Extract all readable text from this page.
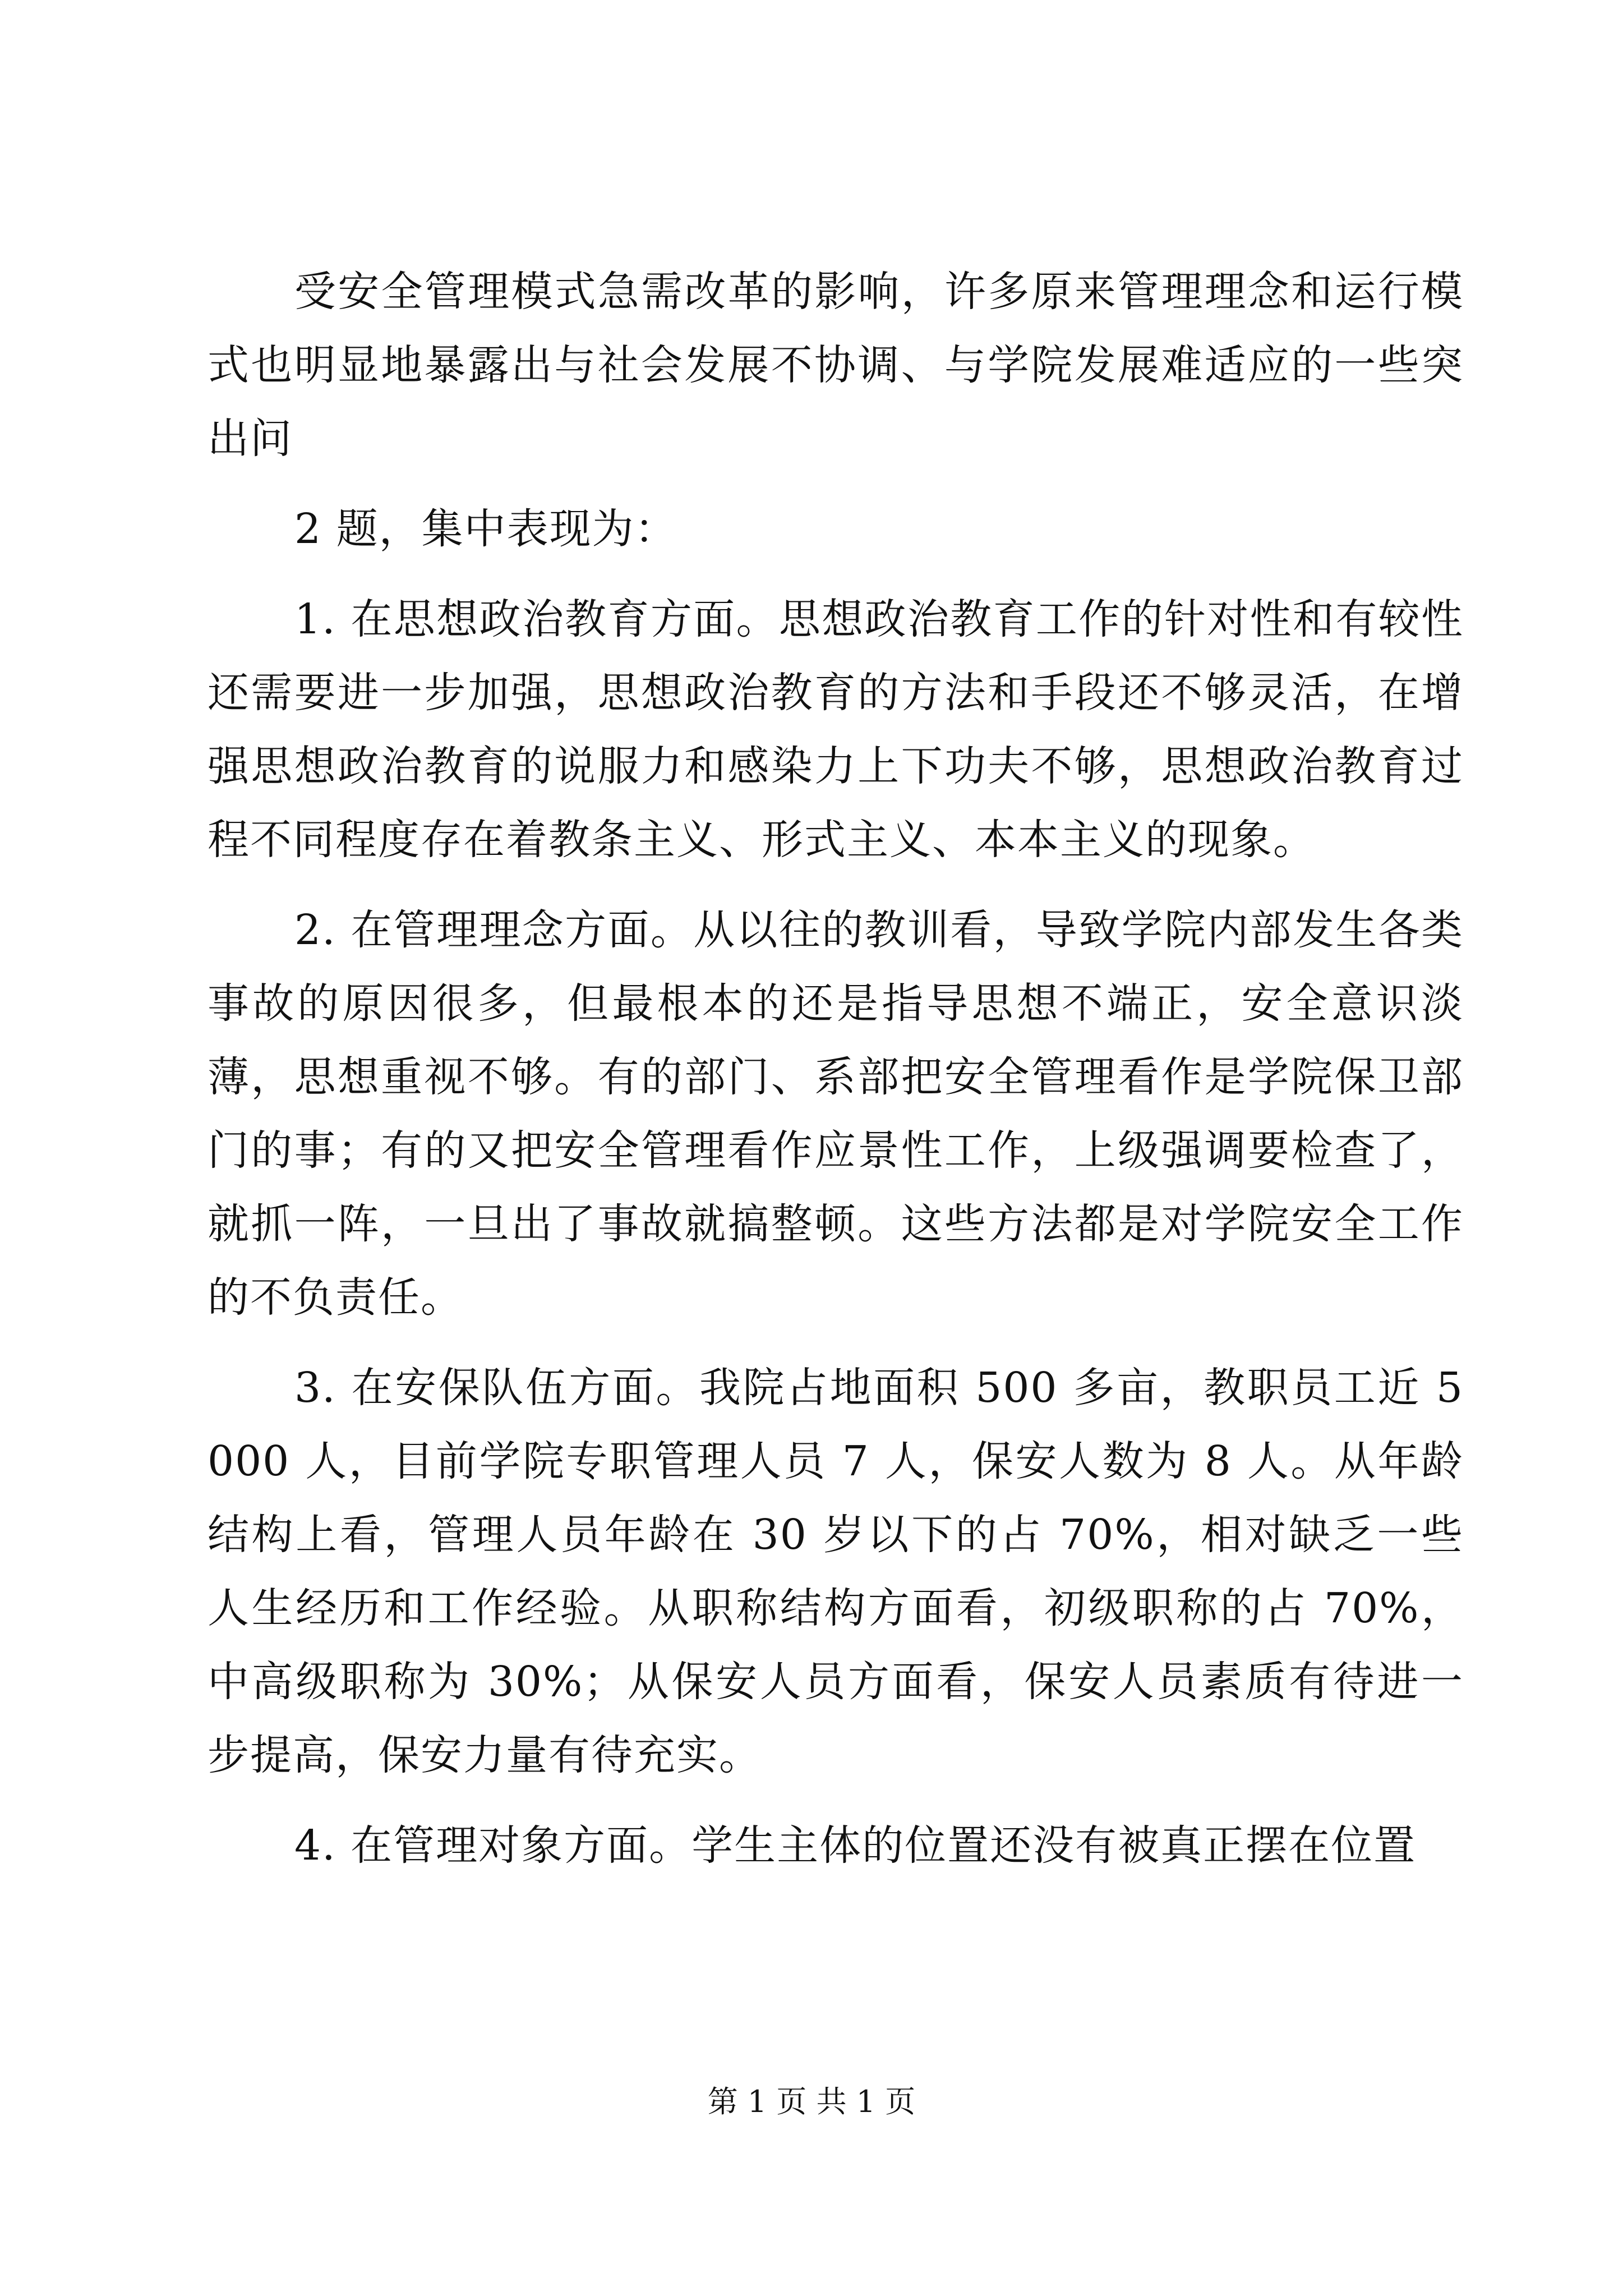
受安全管理模式急需改革的影响，许多原来管理理念和运行模式也明显地暴露出与社会发展不协调、与学院发展难适应的一些突出问

2 题，集中表现为：

1. 在思想政治教育方面。思想政治教育工作的针对性和有较性还需要进一步加强，思想政治教育的方法和手段还不够灵活，在增强思想政治教育的说服力和感染力上下功夫不够，思想政治教育过程不同程度存在着教条主义、形式主义、本本主义的现象。

2. 在管理理念方面。从以往的教训看，导致学院内部发生各类事故的原因很多，但最根本的还是指导思想不端正，安全意识淡薄，思想重视不够。有的部门、系部把安全管理看作是学院保卫部门的事；有的又把安全管理看作应景性工作，上级强调要检查了，就抓一阵，一旦出了事故就搞整顿。这些方法都是对学院安全工作的不负责任。

3. 在安保队伍方面。我院占地面积 500 多亩，教职员工近 5000 人，目前学院专职管理人员 7 人，保安人数为 8 人。从年龄结构上看，管理人员年龄在 30 岁以下的占 70%，相对缺乏一些人生经历和工作经验。从职称结构方面看，初级职称的占 70%，中高级职称为 30%；从保安人员方面看，保安人员素质有待进一步提高，保安力量有待充实。

4. 在管理对象方面。学生主体的位置还没有被真正摆在位置

第 1 页 共 1 页
